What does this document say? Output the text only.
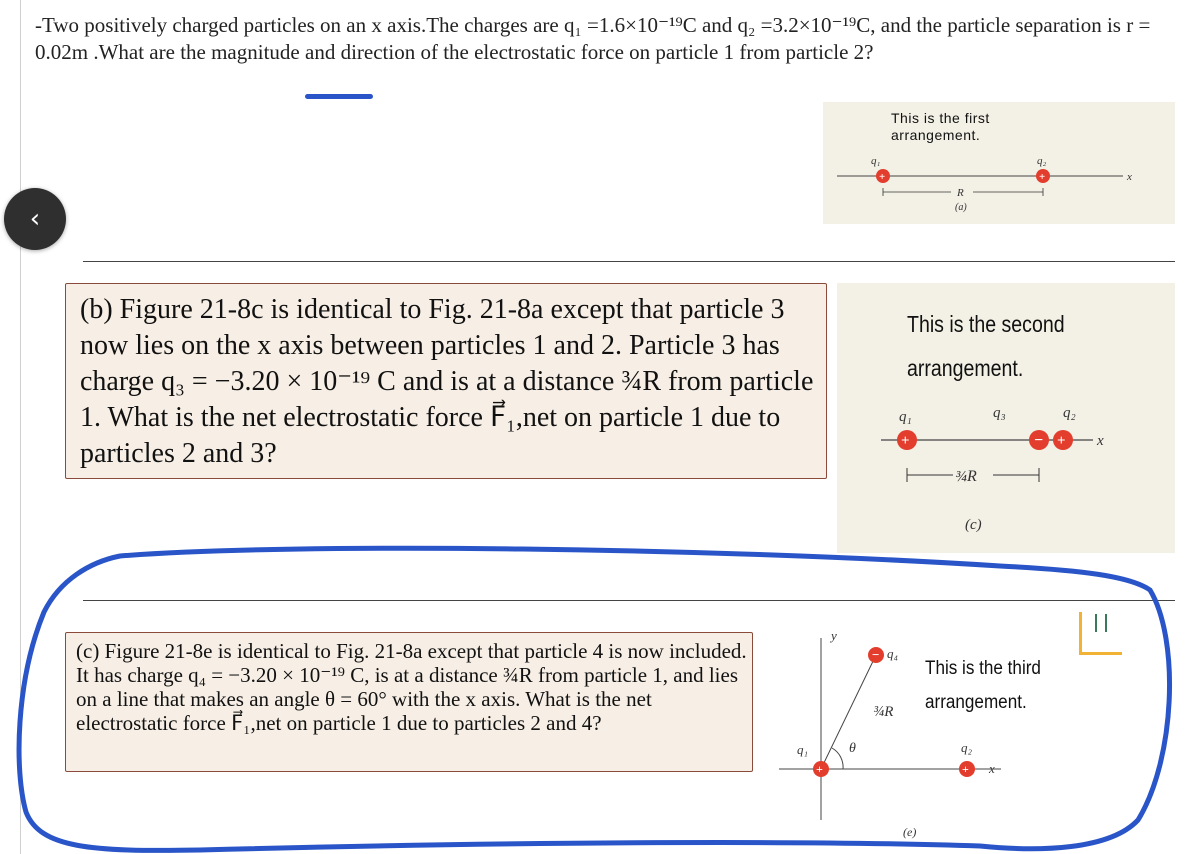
-Two positively charged particles on an x axis.The charges are q₁ =1.6×10⁻¹⁹C and q₂ =3.2×10⁻¹⁹C, and the particle separation is r = 0.02m .What are the magnitude and direction of the electrostatic force on particle 1 from particle 2?
This is the first arrangement.
+	+
q₁	q₂
x
R
(a)
(b) Figure 21-8c is identical to Fig. 21-8a except that particle 3 now lies on the x axis between particles 1 and 2. Particle 3 has charge q₃ = −3.20 × 10⁻¹⁹ C and is at a distance ¾R from particle 1. What is the net electrostatic force F⃗₁,net on particle 1 due to particles 2 and 3?
This is the second
arrangement.
+	− +
q₁	q₃	q₂
x
¾R
(c)
(c) Figure 21-8e is identical to Fig. 21-8a except that particle 4 is now included. It has charge q₄ = −3.20 × 10⁻¹⁹ C, is at a distance ¾R from particle 1, and lies on a line that makes an angle θ = 60° with the x axis. What is the net electrostatic force F⃗₁,net on particle 1 due to particles 2 and 4?
This is the third
arrangement.
y
− q₄
¾R
q₁	θ
+	+
q₂
x
(e)
‹
